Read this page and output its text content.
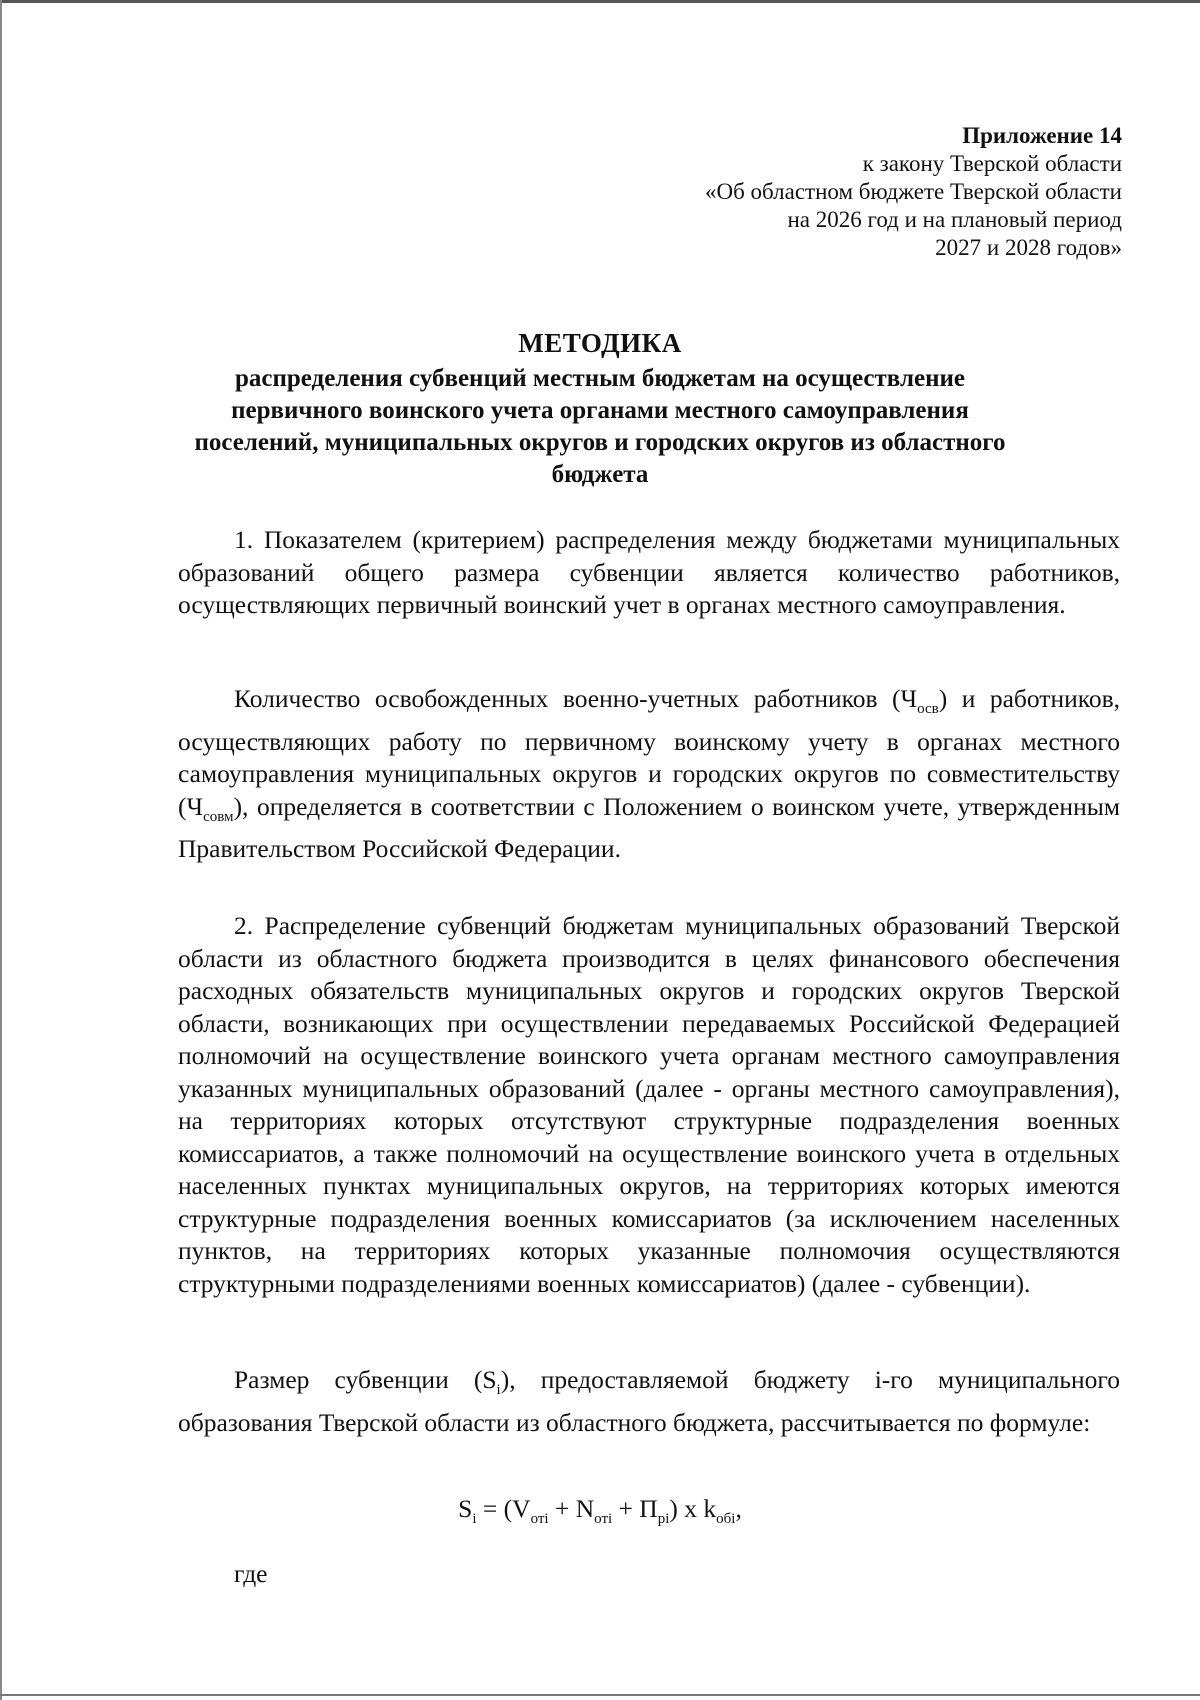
Приложение 14
к закону Тверской области
«Об областном бюджете Тверской области
на 2026 год и на плановый период
2027 и 2028 годов»
МЕТОДИКА
распределения субвенций местным бюджетам на осуществление
первичного воинского учета органами местного самоуправления
поселений, муниципальных округов и городских округов из областного
бюджета

1. Показателем (критерием) распределения между бюджетами муниципальных образований общего размера субвенции является количество работников, осуществляющих первичный воинский учет в органах местного самоуправления.

Количество освобожденных военно-учетных работников $(Ч_{осв})$ и работников, осуществляющих работу по первичному воинскому учету в органах местного самоуправления муниципальных округов и городских округов по совместительству $(Ч_{совм})$, определяется в соответствии с Положением о воинском учете, утвержденным Правительством Российской Федерации.

2. Распределение субвенций бюджетам муниципальных образований Тверской области из областного бюджета производится в целях финансового обеспечения расходных обязательств муниципальных округов и городских округов Тверской области, возникающих при осуществлении передаваемых Российской Федерацией полномочий на осуществление воинского учета органам местного самоуправления указанных муниципальных образований (далее - органы местного самоуправления), на территориях которых отсутствуют структурные подразделения военных комиссариатов, а также полномочий на осуществление воинского учета в отдельных населенных пунктах муниципальных округов, на территориях которых имеются структурные подразделения военных комиссариатов (за исключением населенных пунктов, на территориях которых указанные полномочия осуществляются структурными подразделениями военных комиссариатов) (далее - субвенции).

Размер субвенции $(S_i)$, предоставляемой бюджету i-го муниципального образования Тверской области из областного бюджета, рассчитывается по формуле:

$S_i = (V_{отi} + N_{отi} + П_{рi})$ x $k_{обi}$,
где
